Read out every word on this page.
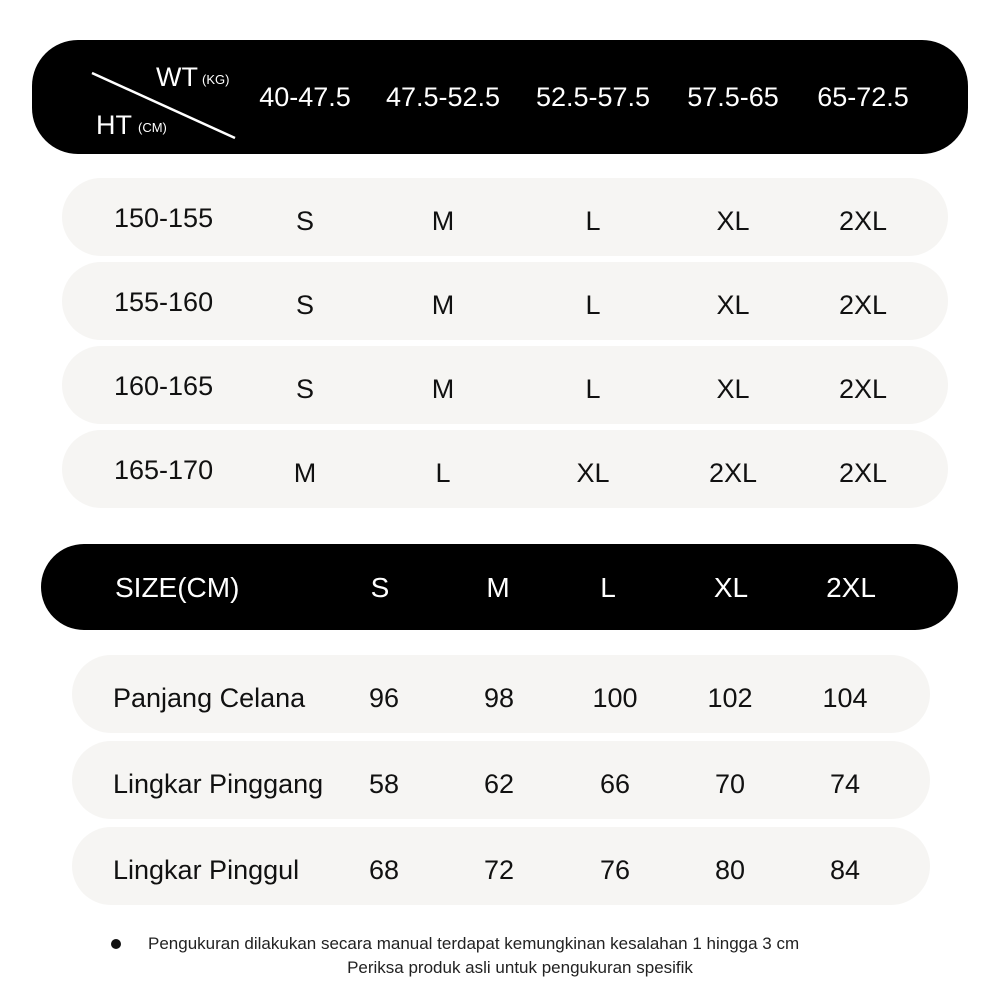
WT (KG)
HT (CM)
40-47.5 47.5-52.5 52.5-57.5 57.5-65 65-72.5
150-155	S	M	L	XL	2XL
155-160	S	M	L	XL	2XL
160-165	S	M	L	XL	2XL
165-170	M	L	XL	2XL	2XL
SIZE(CM)	S	M	L	XL	2XL
Panjang Celana 96	98	100	102	104
Lingkar Pinggang 58	62	66	70	74
Lingkar Pinggul	68	72	76	80	84
Pengukuran dilakukan secara manual terdapat kemungkinan kesalahan 1 hingga 3 cm
Periksa produk asli untuk pengukuran spesifik
